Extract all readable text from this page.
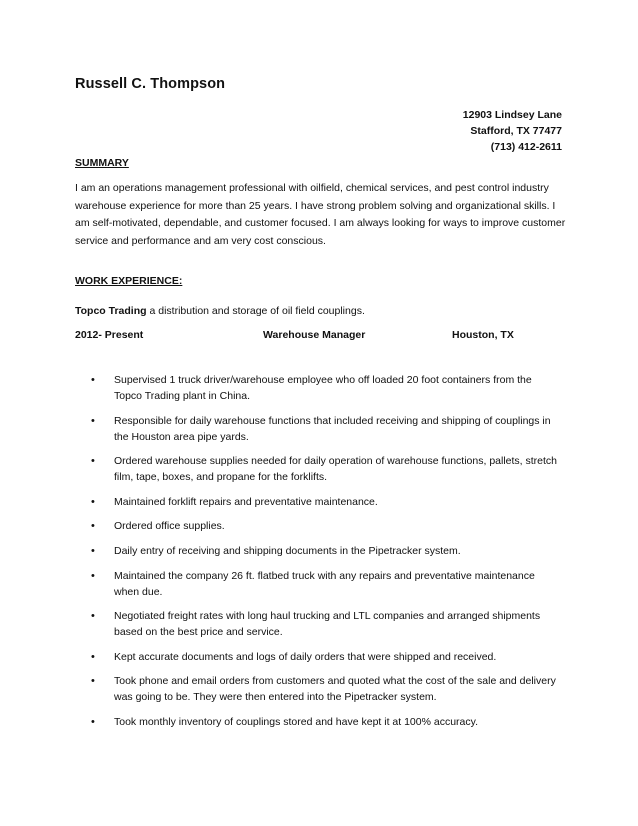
Russell C. Thompson
12903 Lindsey Lane
Stafford, TX 77477
(713) 412-2611
SUMMARY
I am an operations management professional with oilfield, chemical services, and pest control industry warehouse experience for more than 25 years. I have strong problem solving and organizational skills. I am self-motivated, dependable, and customer focused. I am always looking for ways to improve customer service and performance and am very cost conscious.
WORK EXPERIENCE:
Topco Trading a distribution and storage of oil field couplings.
2012- Present	Warehouse Manager	Houston, TX
• Supervised 1 truck driver/warehouse employee who off loaded 20 foot containers from the Topco Trading plant in China.
• Responsible for daily warehouse functions that included receiving and shipping of couplings in the Houston area pipe yards.
• Ordered warehouse supplies needed for daily operation of warehouse functions, pallets, stretch film, tape, boxes, and propane for the forklifts.
• Maintained forklift repairs and preventative maintenance.
• Ordered office supplies.
• Daily entry of receiving and shipping documents in the Pipetracker system.
• Maintained the company 26 ft. flatbed truck with any repairs and preventative maintenance when due.
• Negotiated freight rates with long haul trucking and LTL companies and arranged shipments based on the best price and service.
• Kept accurate documents and logs of daily orders that were shipped and received.
• Took phone and email orders from customers and quoted what the cost of the sale and delivery was going to be. They were then entered into the Pipetracker system.
• Took monthly inventory of couplings stored and have kept it at 100% accuracy.
